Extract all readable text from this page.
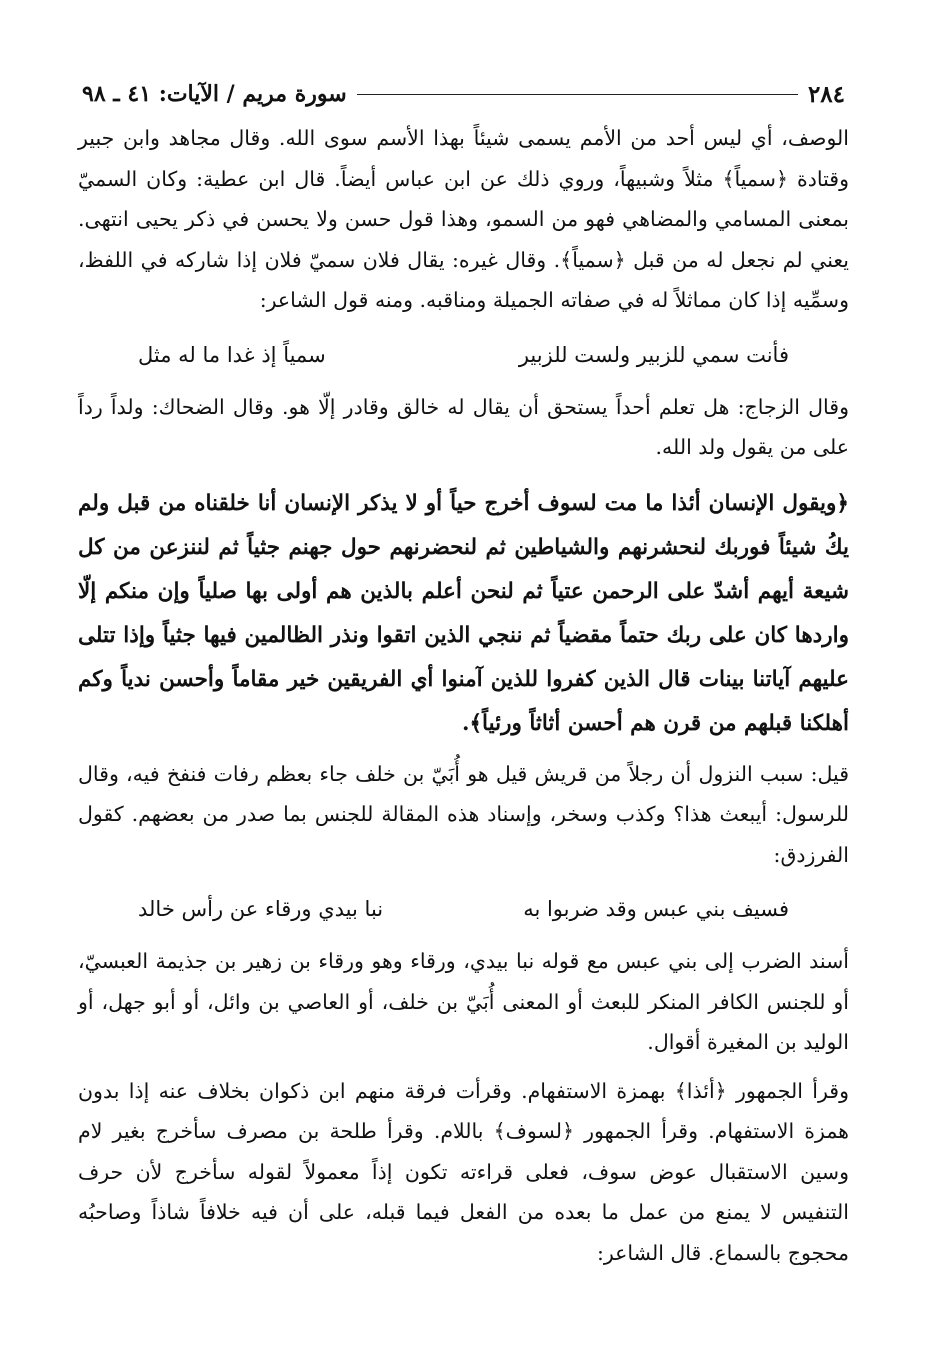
٢٨٤
سورة مريم / الآيات: ٤١ ـ ٩٨

الوصف، أي ليس أحد من الأمم يسمى شيئاً بهذا الأسم سوى الله. وقال مجاهد وابن جبير وقتادة ﴿سمياً﴾ مثلاً وشبيهاً، وروي ذلك عن ابن عباس أيضاً. قال ابن عطية: وكان السميّ بمعنى المسامي والمضاهي فهو من السمو، وهذا قول حسن ولا يحسن في ذكر يحيى انتهى. يعني لم نجعل له من قبل ﴿سمياً﴾. وقال غيره: يقال فلان سميّ فلان إذا شاركه في اللفظ، وسمِّيه إذا كان مماثلاً له في صفاته الجميلة ومناقبه. ومنه قول الشاعر:

فأنت سمي للزبير ولست للزبير
سمياً إذ غدا ما له مثل

وقال الزجاج: هل تعلم أحداً يستحق أن يقال له خالق وقادر إلّا هو. وقال الضحاك: ولداً رداً على من يقول ولد الله.

﴿ويقول الإنسان أئذا ما مت لسوف أخرج حياً أو لا يذكر الإنسان أنا خلقناه من قبل ولم يكُ شيئاً فوربك لنحشرنهم والشياطين ثم لنحضرنهم حول جهنم جثياً ثم لننزعن من كل شيعة أيهم أشدّ على الرحمن عتياً ثم لنحن أعلم بالذين هم أولى بها صلياً وإن منكم إلّا واردها كان على ربك حتماً مقضياً ثم ننجي الذين اتقوا ونذر الظالمين فيها جثياً وإذا تتلى عليهم آياتنا بينات قال الذين كفروا للذين آمنوا أي الفريقين خير مقاماً وأحسن ندياً وكم أهلكنا قبلهم من قرن هم أحسن أثاثاً ورئياً﴾.

قيل: سبب النزول أن رجلاً من قريش قيل هو أُبَيّ بن خلف جاء بعظم رفات فنفخ فيه، وقال للرسول: أيبعث هذا؟ وكذب وسخر، وإسناد هذه المقالة للجنس بما صدر من بعضهم. كقول الفرزدق:

فسيف بني عبس وقد ضربوا به
نبا بيدي ورقاء عن رأس خالد

أسند الضرب إلى بني عبس مع قوله نبا بيدي، ورقاء وهو ورقاء بن زهير بن جذيمة العبسيّ، أو للجنس الكافر المنكر للبعث أو المعنى أُبَيّ بن خلف، أو العاصي بن وائل، أو أبو جهل، أو الوليد بن المغيرة أقوال.

وقرأ الجمهور ﴿أئذا﴾ بهمزة الاستفهام. وقرأت فرقة منهم ابن ذكوان بخلاف عنه إذا بدون همزة الاستفهام. وقرأ الجمهور ﴿لسوف﴾ باللام. وقرأ طلحة بن مصرف سأخرج بغير لام وسين الاستقبال عوض سوف، فعلى قراءته تكون إذاً معمولاً لقوله سأخرج لأن حرف التنفيس لا يمنع من عمل ما بعده من الفعل فيما قبله، على أن فيه خلافاً شاذاً وصاحبُه محجوج بالسماع. قال الشاعر:
